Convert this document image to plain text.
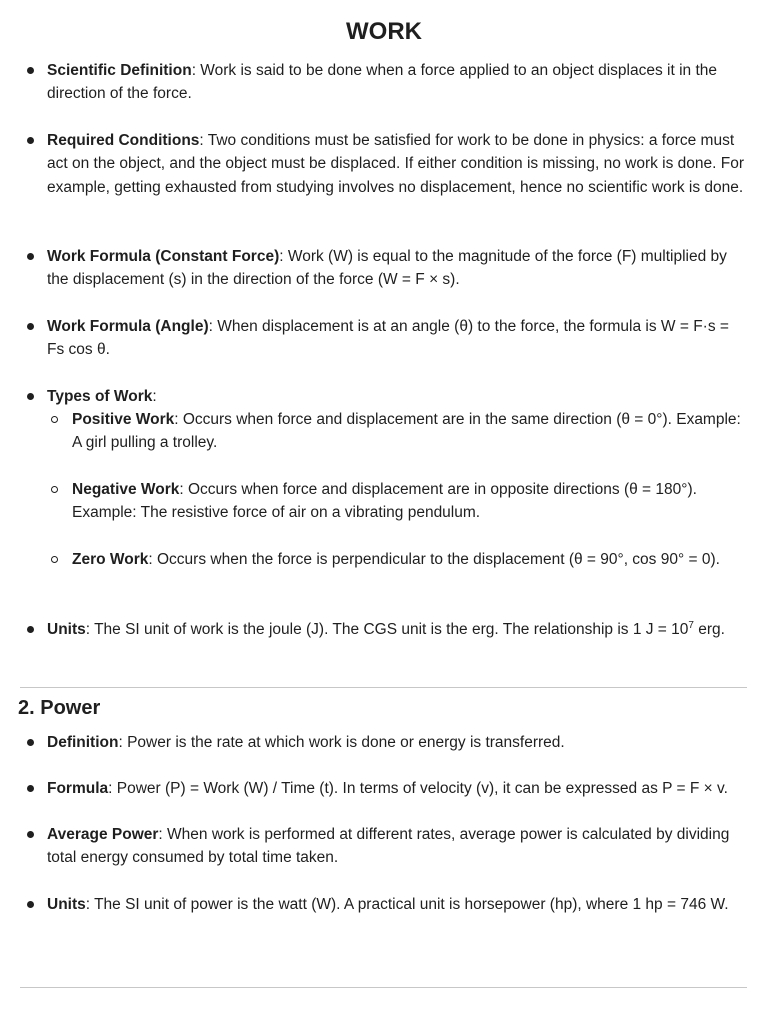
WORK
Scientific Definition: Work is said to be done when a force applied to an object displaces it in the direction of the force.
Required Conditions: Two conditions must be satisfied for work to be done in physics: a force must act on the object, and the object must be displaced. If either condition is missing, no work is done. For example, getting exhausted from studying involves no displacement, hence no scientific work is done.
Work Formula (Constant Force): Work (W) is equal to the magnitude of the force (F) multiplied by the displacement (s) in the direction of the force (W = F × s).
Work Formula (Angle): When displacement is at an angle (θ) to the force, the formula is W = F·s = Fs cos θ.
Types of Work:
Positive Work: Occurs when force and displacement are in the same direction (θ = 0°). Example: A girl pulling a trolley.
Negative Work: Occurs when force and displacement are in opposite directions (θ = 180°). Example: The resistive force of air on a vibrating pendulum.
Zero Work: Occurs when the force is perpendicular to the displacement (θ = 90°, cos 90° = 0).
Units: The SI unit of work is the joule (J). The CGS unit is the erg. The relationship is 1 $J = 10^7$ erg.
2. Power
Definition: Power is the rate at which work is done or energy is transferred.
Formula: Power (P) = Work (W) / Time (t). In terms of velocity (v), it can be expressed as P = F × v.
Average Power: When work is performed at different rates, average power is calculated by dividing total energy consumed by total time taken.
Units: The SI unit of power is the watt (W). A practical unit is horsepower (hp), where 1 hp = 746 W.
